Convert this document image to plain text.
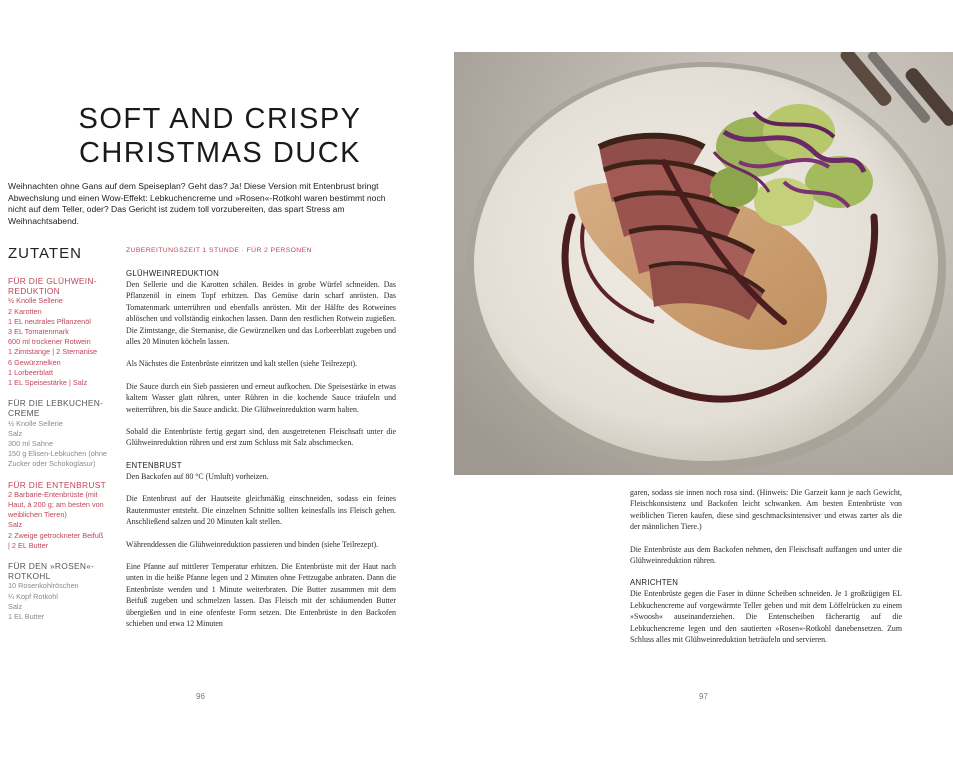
SOFT AND CRISPY
CHRISTMAS DUCK
Weihnachten ohne Gans auf dem Speiseplan? Geht das? Ja! Diese Version mit Entenbrust bringt Abwechslung und einen Wow-Effekt: Lebkuchencreme und »Rosen«-Rotkohl waren bestimmt noch nicht auf dem Teller, oder? Das Gericht ist zudem toll vorzubereiten, das spart Stress am Weihnachtsabend.
ZUTATEN
FÜR DIE GLÜHWEIN-REDUKTION
½ Knolle Sellerie
2 Karotten
1 EL neutrales Pflanzenöl
3 EL Tomatenmark
600 ml trockener Rotwein
1 Zimtstange | 2 Sternanise
6 Gewürznelken
1 Lorbeerblatt
1 EL Speisestärke | Salz
FÜR DIE LEBKUCHEN-CREME
½ Knolle Sellerie
Salz
300 ml Sahne
150 g Elisen-Lebkuchen (ohne Zucker oder Schokoglasur)
FÜR DIE ENTENBRUST
2 Barbarie-Entenbrüste (mit Haut, à 200 g; am besten von weiblichen Tieren)
Salz
2 Zweige getrockneter Beifuß
| 2 EL Butter
FÜR DEN »ROSEN«-ROTKOHL
10 Rosenkohlröschen
¼ Kopf Rotkohl
Salz
1 EL Butter
ZUBEREITUNGSZEIT 1 STUNDE · FÜR 2 PERSONEN
GLÜHWEINREDUKTION

Den Sellerie und die Karotten schälen. Beides in grobe Würfel schneiden. Das Pflanzenöl in einem Topf erhitzen. Das Gemüse darin scharf anrösten. Das Tomatenmark unterrühren und ebenfalls anrösten. Mit der Hälfte des Rotweines ablöschen und vollständig einkochen lassen. Dann den restlichen Rotwein zugießen. Die Zimtstange, die Sternanise, die Gewürznelken und das Lorbeerblatt zugeben und alles 20 Minuten köcheln lassen.

Als Nächstes die Entenbrüste einritzen und kalt stellen (siehe Teilrezept).

Die Sauce durch ein Sieb passieren und erneut aufkochen. Die Speisestärke in etwas kaltem Wasser glatt rühren, unter Rühren in die kochende Sauce träufeln und weiterrühren, bis die Sauce andickt. Die Glühweinreduktion warm halten.

Sobald die Entenbrüste fertig gegart sind, den ausgetretenen Fleischsaft unter die Glühweinreduktion rühren und erst zum Schluss mit Salz abschmecken.

ENTENBRUST

Den Backofen auf 80 °C (Umluft) vorheizen.

Die Entenbrust auf der Hautseite gleichmäßig einschneiden, sodass ein feines Rautenmuster entsteht. Die einzelnen Schnitte sollten keinesfalls ins Fleisch gehen. Anschließend salzen und 20 Minuten kalt stellen.

Währenddessen die Glühweinreduktion passieren und binden (siehe Teilrezept).

Eine Pfanne auf mittlerer Temperatur erhitzen. Die Entenbrüste mit der Haut nach unten in die heiße Pfanne legen und 2 Minuten ohne Fettzugabe anbraten. Dann die Entenbrüste wenden und 1 Minute weiterbraten. Die Butter zusammen mit dem Beifuß zugeben und schmelzen lassen. Das Fleisch mit der schäumenden Butter übergießen und in eine ofenfeste Form setzen. Die Entenbrüste in den Backofen schieben und etwa 12 Minuten

96

garen, sodass sie innen noch rosa sind. (Hinweis: Die Garzeit kann je nach Gewicht, Fleischkonsistenz und Backofen leicht schwanken. Am besten Entenbrüste von weiblichen Tieren kaufen, diese sind geschmacksintensiver und etwas zarter als die der männlichen Tiere.)

Die Entenbrüste aus dem Backofen nehmen, den Fleischsaft auffangen und unter die Glühweinreduktion rühren.

ANRICHTEN

Die Entenbrüste gegen die Faser in dünne Scheiben schneiden. Je 1 großzügigen EL Lebkuchencreme auf vorgewärmte Teller geben und mit dem Löffelrücken zu einem »Swoosh« auseinanderziehen. Die Entenscheiben fächerartig auf die Lebkuchencreme legen und den sautierten »Rosen«-Rotkohl danebensetzen. Zum Schluss alles mit Glühweinreduktion beträufeln und servieren.

97
